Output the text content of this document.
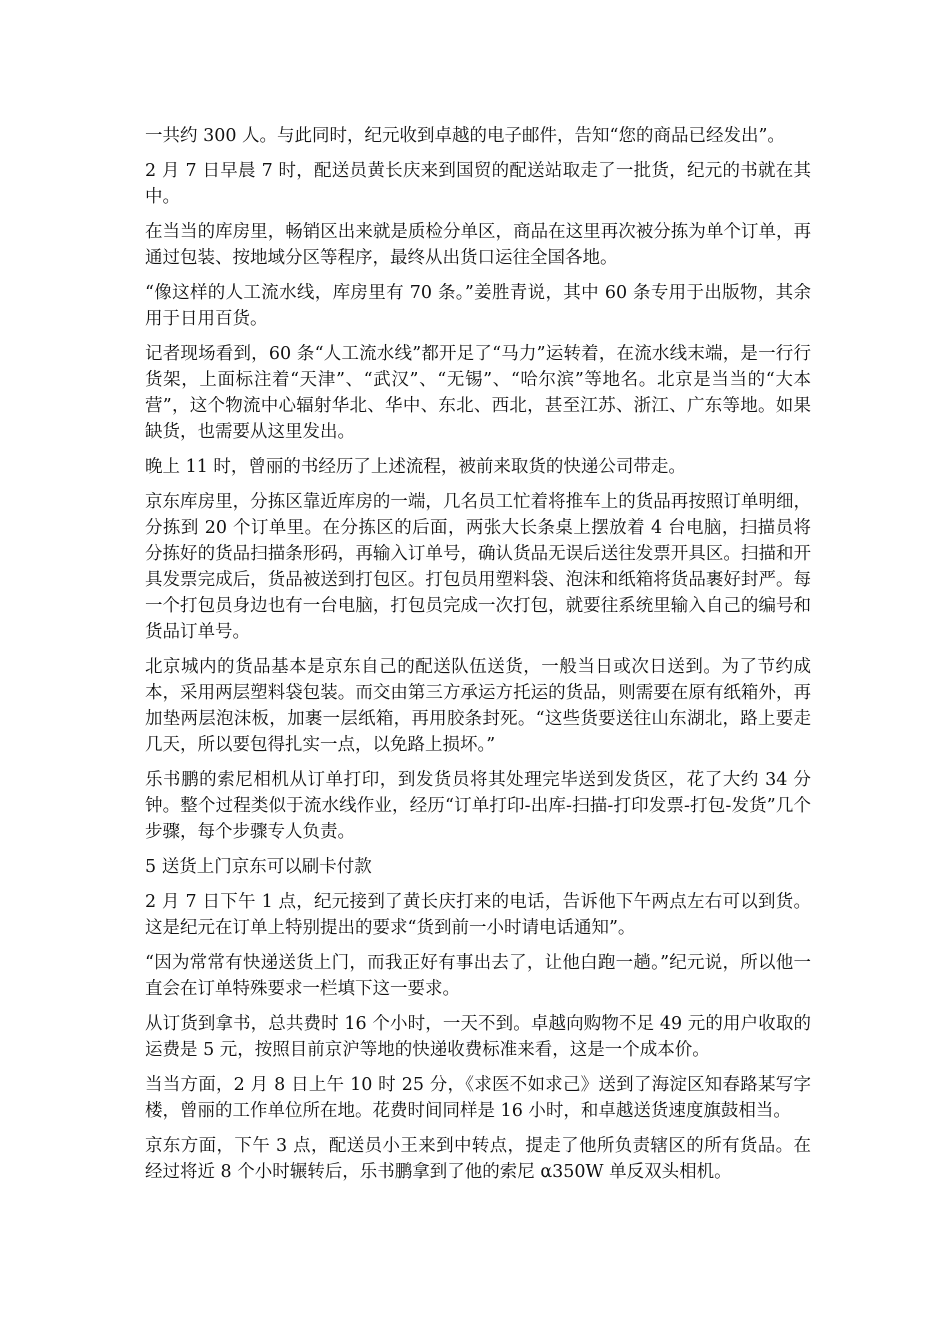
一共约 300 人。与此同时，纪元收到卓越的电子邮件，告知“您的商品已经发出”。

2 月 7 日早晨 7 时，配送员黄长庆来到国贸的配送站取走了一批货，纪元的书就在其中。

在当当的库房里，畅销区出来就是质检分单区，商品在这里再次被分拣为单个订单，再通过包装、按地域分区等程序，最终从出货口运往全国各地。

“像这样的人工流水线，库房里有 70 条。”姜胜青说，其中 60 条专用于出版物，其余用于日用百货。

记者现场看到，60 条“人工流水线”都开足了“马力”运转着，在流水线末端，是一行行货架，上面标注着“天津”、“武汉”、“无锡”、“哈尔滨”等地名。北京是当当的“大本营”，这个物流中心辐射华北、华中、东北、西北，甚至江苏、浙江、广东等地。如果缺货，也需要从这里发出。

晚上 11 时，曾丽的书经历了上述流程，被前来取货的快递公司带走。

京东库房里，分拣区靠近库房的一端，几名员工忙着将推车上的货品再按照订单明细，分拣到 20 个订单里。在分拣区的后面，两张大长条桌上摆放着 4 台电脑，扫描员将分拣好的货品扫描条形码，再输入订单号，确认货品无误后送往发票开具区。扫描和开具发票完成后，货品被送到打包区。打包员用塑料袋、泡沫和纸箱将货品裹好封严。每一个打包员身边也有一台电脑，打包员完成一次打包，就要往系统里输入自己的编号和货品订单号。

北京城内的货品基本是京东自己的配送队伍送货，一般当日或次日送到。为了节约成本，采用两层塑料袋包装。而交由第三方承运方托运的货品，则需要在原有纸箱外，再加垫两层泡沫板，加裹一层纸箱，再用胶条封死。“这些货要送往山东湖北，路上要走几天，所以要包得扎实一点，以免路上损坏。”

乐书鹏的索尼相机从订单打印，到发货员将其处理完毕送到发货区，花了大约 34 分钟。整个过程类似于流水线作业，经历“订单打印-出库-扫描-打印发票-打包-发货”几个步骤，每个步骤专人负责。

5 送货上门京东可以刷卡付款

2 月 7 日下午 1 点，纪元接到了黄长庆打来的电话，告诉他下午两点左右可以到货。这是纪元在订单上特别提出的要求“货到前一小时请电话通知”。

“因为常常有快递送货上门，而我正好有事出去了，让他白跑一趟。”纪元说，所以他一直会在订单特殊要求一栏填下这一要求。

从订货到拿书，总共费时 16 个小时，一天不到。卓越向购物不足 49 元的用户收取的运费是 5 元，按照目前京沪等地的快递收费标准来看，这是一个成本价。

当当方面，2 月 8 日上午 10 时 25 分，《求医不如求己》送到了海淀区知春路某写字楼，曾丽的工作单位所在地。花费时间同样是 16 小时，和卓越送货速度旗鼓相当。

京东方面，下午 3 点，配送员小王来到中转点，提走了他所负责辖区的所有货品。在经过将近 8 个小时辗转后，乐书鹏拿到了他的索尼 α350W 单反双头相机。
